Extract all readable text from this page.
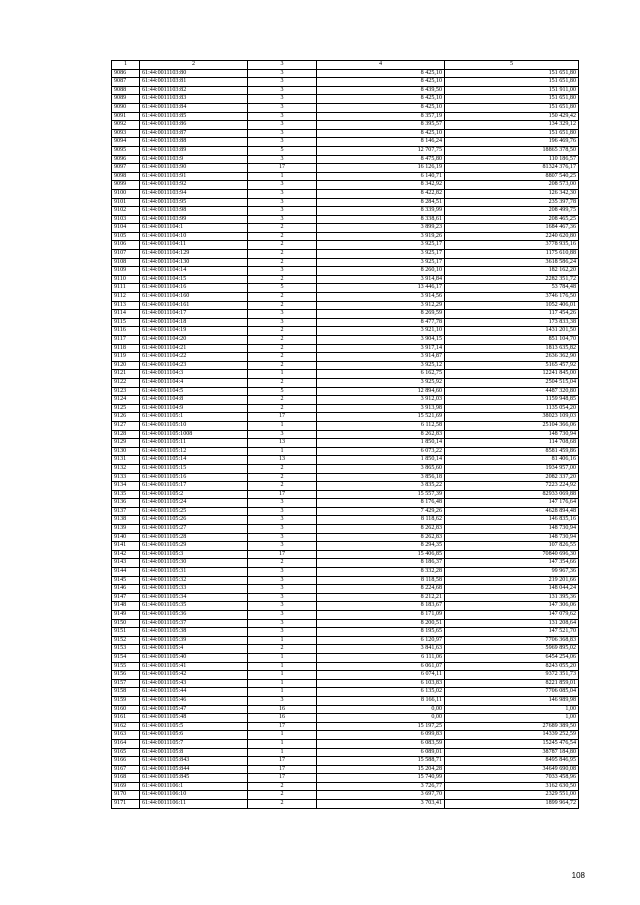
1	2	3	4	5
9086	61:44:0011103:80	3	8 425,10	151 651,80
9087	61:44:0011103:81	3	8 425,10	151 651,80
9088	61:44:0011103:82	3	8 439,50	151 911,00
9089	61:44:0011103:83	3	8 425,10	151 651,80
9090	61:44:0011103:84	3	8 425,10	151 651,80
9091	61:44:0011103:85	3	8 357,19	150 429,42
9092	61:44:0011103:86	3	8 395,57	134 329,12
9093	61:44:0011103:87	3	8 425,10	151 651,80
9094	61:44:0011103:88	3	8 146,24	196 469,76
9095	61:44:0011103:89	5	12 707,75	18865 378,50
9096	61:44:0011103:9	3	8 475,80	110 186,57
9097	61:44:0011103:90	17	16 126,19	81324 376,17
9098	61:44:0011103:91	1	6 140,71	8807 540,25
9099	61:44:0011103:92	3	8 342,92	208 573,00
9100	61:44:0011103:94	3	8 422,82	126 342,30
9101	61:44:0011103:95	3	8 284,51	235 397,78
9102	61:44:0011103:98	3	8 339,99	208 499,75
9103	61:44:0011103:99	3	8 338,61	208 465,25
9104	61:44:0011104:1	2	3 899,23	1684 467,36
9105	61:44:0011104:10	2	3 919,26	2240 620,80
9106	61:44:0011104:11	2	3 925,17	3778 935,16
9107	61:44:0011104:129	2	3 925,17	1175 610,88
9108	61:44:0011104:130	2	3 925,17	3618 586,24
9109	61:44:0011104:14	3	8 260,10	182 162,20
9110	61:44:0011104:15	2	3 914,84	2282 351,72
9111	61:44:0011104:16	5	13 446,17	53 784,48
9112	61:44:0011104:160	2	3 914,56	3746 176,50
9113	61:44:0011104:161	2	3 912,29	1052 406,01
9114	61:44:0011104:17	3	8 269,59	117 454,26
9115	61:44:0011104:18	3	8 477,78	173 833,38
9116	61:44:0011104:19	2	3 921,10	1431 201,50
9117	61:44:0011104:20	2	3 904,15	851 104,70
9118	61:44:0011104:21	2	3 917,14	1813 635,82
9119	61:44:0011104:22	2	3 914,87	2636 362,90
9120	61:44:0011104:23	2	3 925,12	5165 457,92
9121	61:44:0011104:3	1	6 162,75	12241 845,00
9122	61:44:0011104:4	2	3 925,92	2504 515,04
9123	61:44:0011104:5	5	12 894,60	4487 320,80
9124	61:44:0011104:8	2	3 912,03	1159 948,85
9125	61:44:0011104:9	2	3 913,98	1135 054,20
9126	61:44:0011105:1	17	15 521,69	38023 109,03
9127	61:44:0011105:10	1	6 112,58	25104 366,06
9128	61:44:0011105:1008	3	8 262,83	148 730,94
9129	61:44:0011105:11	13	1 850,14	114 708,68
9130	61:44:0011105:12	1	6 073,22	8581 459,86
9131	61:44:0011105:14	13	1 850,14	81 406,16
9132	61:44:0011105:15	2	3 865,60	1934 957,00
9133	61:44:0011105:16	2	3 856,18	2082 337,20
9134	61:44:0011105:17	2	3 835,22	7223 224,92
9135	61:44:0011105:2	17	15 557,39	82933 069,88
9136	61:44:0011105:24	3	8 176,48	147 176,64
9137	61:44:0011105:25	3	7 429,26	4628 894,48
9138	61:44:0011105:26	3	8 118,62	146 835,16
9139	61:44:0011105:27	3	8 262,83	148 730,94
9140	61:44:0011105:28	3	8 262,83	148 730,94
9141	61:44:0011105:29	3	8 294,35	107 826,55
9142	61:44:0011105:3	17	15 406,85	70840 696,30
9143	61:44:0011105:30	2	8 186,37	147 354,66
9144	61:44:0011105:31	3	8 332,28	99 967,36
9145	61:44:0011105:32	3	8 118,58	219 201,66
9146	61:44:0011105:33	3	8 224,68	148 044,24
9147	61:44:0011105:34	3	8 212,21	131 395,36
9148	61:44:0011105:35	3	8 183,67	147 306,06
9149	61:44:0011105:36	3	8 171,09	147 079,62
9150	61:44:0011105:37	3	8 200,51	131 208,64
9151	61:44:0011105:38	3	8 195,65	147 521,70
9152	61:44:0011105:39	1	6 120,97	7706 368,83
9153	61:44:0011105:4	2	3 841,63	5969 895,02
9154	61:44:0011105:40	1	6 111,06	6454 254,06
9155	61:44:0011105:41	1	6 061,07	8243 055,20
9156	61:44:0011105:42	1	6 074,11	9372 351,73
9157	61:44:0011105:43	1	6 103,83	8221 859,01
9158	61:44:0011105:44	1	6 135,02	7706 085,04
9159	61:44:0011105:46	3	8 166,11	146 989,98
9160	61:44:0011105:47	16	0,00	1,00
9161	61:44:0011105:48	16	0,00	1,00
9162	61:44:0011105:5	17	15 197,25	27689 389,50
9163	61:44:0011105:6	1	6 099,83	14339 252,59
9164	61:44:0011105:7	1	6 083,59	15245 476,54
9165	61:44:0011105:8	1	6 089,01	38787 184,80
9166	61:44:0011105:843	17	15 588,71	8495 846,95
9167	61:44:0011105:844	17	15 204,28	34649 690,08
9168	61:44:0011105:845	17	15 740,99	7033 458,96
9169	61:44:0011106:1	2	3 726,77	3162 630,50
9170	61:44:0011106:10	2	3 697,70	2329 551,00
9171	61:44:0011106:11	2	3 703,41	1899 964,72
108
